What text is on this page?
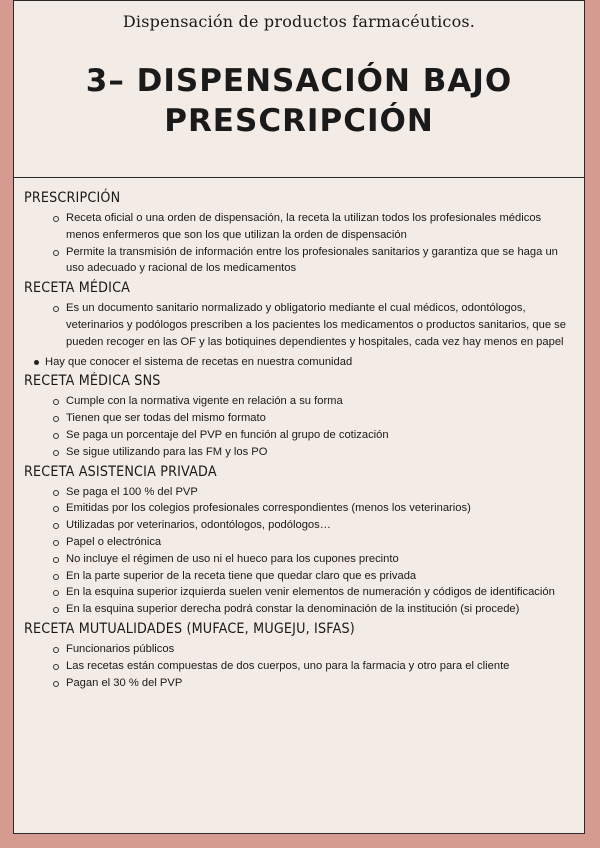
Dispensación de productos farmacéuticos.
3– DISPENSACIÓN BAJO
PRESCRIPCIÓN
PRESCRIPCIÓN
Receta oficial o una orden de dispensación, la receta la utilizan todos los profesionales médicos menos enfermeros que son los que utilizan la orden de dispensación
Permite la transmisión de información entre los profesionales sanitarios y garantiza que se haga un uso adecuado y racional de los medicamentos
RECETA MÉDICA
Es un documento sanitario normalizado y obligatorio mediante el cual médicos, odontólogos, veterinarios y podólogos prescriben a los pacientes los medicamentos o productos sanitarios, que se pueden recoger en las OF y las botiquines dependientes y hospitales, cada vez hay menos en papel
Hay que conocer el sistema de recetas en nuestra comunidad
RECETA MÉDICA SNS
Cumple con la normativa vigente en relación a su forma
Tienen que ser todas del mismo formato
Se paga un porcentaje del PVP en función al grupo de cotización
Se sigue utilizando para las FM y los PO
RECETA ASISTENCIA PRIVADA
Se paga el 100 % del PVP
Emitidas por los colegios profesionales correspondientes (menos los veterinarios)
Utilizadas por veterinarios, odontólogos, podólogos…
Papel o electrónica
No incluye el régimen de uso ni el hueco para los cupones precinto
En la parte superior de la receta tiene que quedar claro que es privada
En la esquina superior izquierda suelen venir elementos de numeración y códigos de identificación
En la esquina superior derecha podrá constar la denominación de la institución (si procede)
RECETA MUTUALIDADES (MUFACE, MUGEJU, ISFAS)
Funcionarios públicos
Las recetas están compuestas de dos cuerpos, uno para la farmacia y otro para el cliente
Pagan el 30 % del PVP
